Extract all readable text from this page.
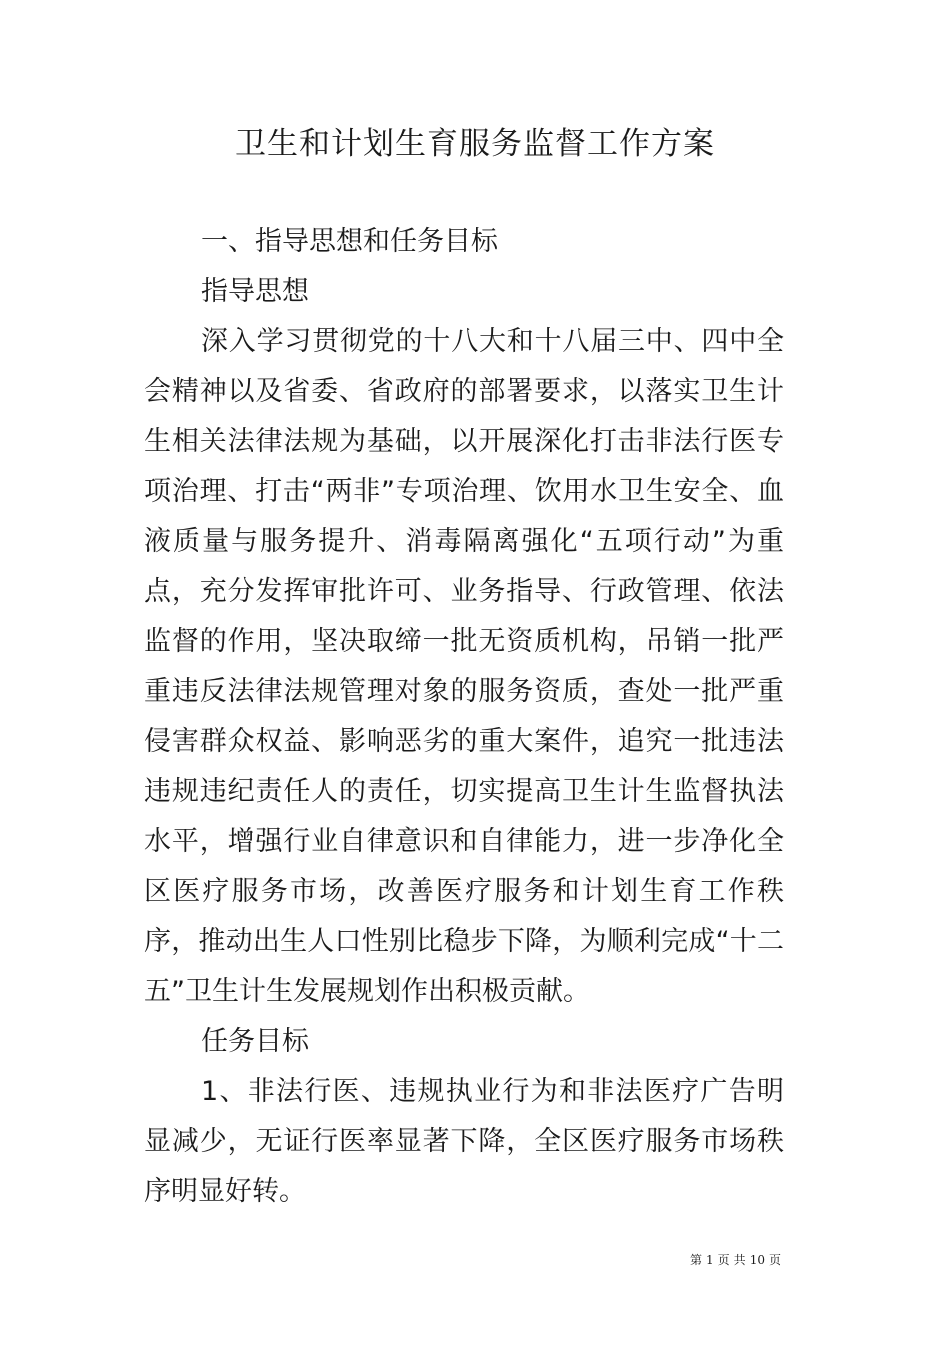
卫生和计划生育服务监督工作方案

一、指导思想和任务目标

指导思想

深入学习贯彻党的十八大和十八届三中、四中全会精神以及省委、省政府的部署要求，以落实卫生计生相关法律法规为基础，以开展深化打击非法行医专项治理、打击“两非”专项治理、饮用水卫生安全、血液质量与服务提升、消毒隔离强化“五项行动”为重点，充分发挥审批许可、业务指导、行政管理、依法监督的作用，坚决取缔一批无资质机构，吊销一批严重违反法律法规管理对象的服务资质，查处一批严重侵害群众权益、影响恶劣的重大案件，追究一批违法违规违纪责任人的责任，切实提高卫生计生监督执法水平，增强行业自律意识和自律能力，进一步净化全区医疗服务市场，改善医疗服务和计划生育工作秩序，推动出生人口性别比稳步下降，为顺利完成“十二五”卫生计生发展规划作出积极贡献。

任务目标

1、非法行医、违规执业行为和非法医疗广告明显减少，无证行医率显著下降，全区医疗服务市场秩序明显好转。

第 1 页 共 10 页
